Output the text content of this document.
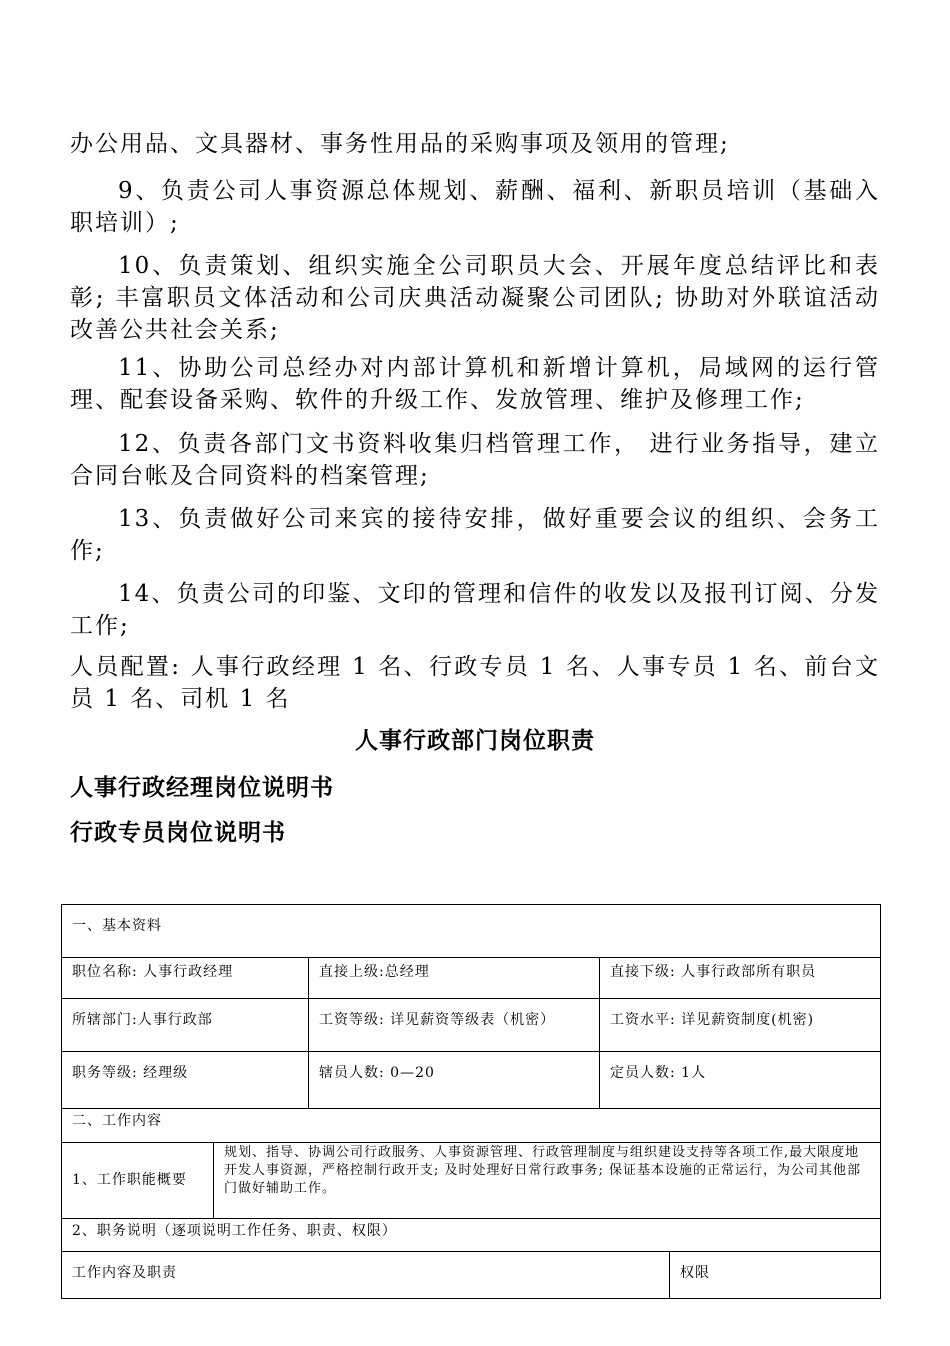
办公用品、文具器材、事务性用品的采购事项及领用的管理;

9、负责公司人事资源总体规划、薪酬、福利、新职员培训（基础入职培训）;

10、负责策划、组织实施全公司职员大会、开展年度总结评比和表彰; 丰富职员文体活动和公司庆典活动凝聚公司团队; 协助对外联谊活动改善公共社会关系;

11、协助公司总经办对内部计算机和新增计算机，局域网的运行管理、配套设备采购、软件的升级工作、发放管理、维护及修理工作;

12、负责各部门文书资料收集归档管理工作， 进行业务指导，建立合同台帐及合同资料的档案管理;

13、负责做好公司来宾的接待安排，做好重要会议的组织、会务工作;

14、负责公司的印鉴、文印的管理和信件的收发以及报刊订阅、分发工作;

人员配置: 人事行政经理 1 名、行政专员 1 名、人事专员 1 名、前台文员 1 名、司机 1 名

人事行政部门岗位职责
人事行政经理岗位说明书
行政专员岗位说明书
一、基本资料				
职位名称: 人事行政经理		直接上级:总经理	直接下级: 人事行政部所有职员	
所辖部门:人事行政部		工资等级: 详见薪资等级表（机密）	工资水平: 详见薪资制度(机密)	
职务等级: 经理级		辖员人数: 0—20	定员人数: 1人	
二、工作内容				
1、工作职能概要	规划、指导、协调公司行政服务、人事资源管理、行政管理制度与组织建设支持等各项工作,最大限度地开发人事资源，严格控制行政开支; 及时处理好日常行政事务; 保证基本设施的正常运行，为公司其他部门做好辅助工作。			
2、职务说明（逐项说明工作任务、职责、权限）				
工作内容及职责				权限
